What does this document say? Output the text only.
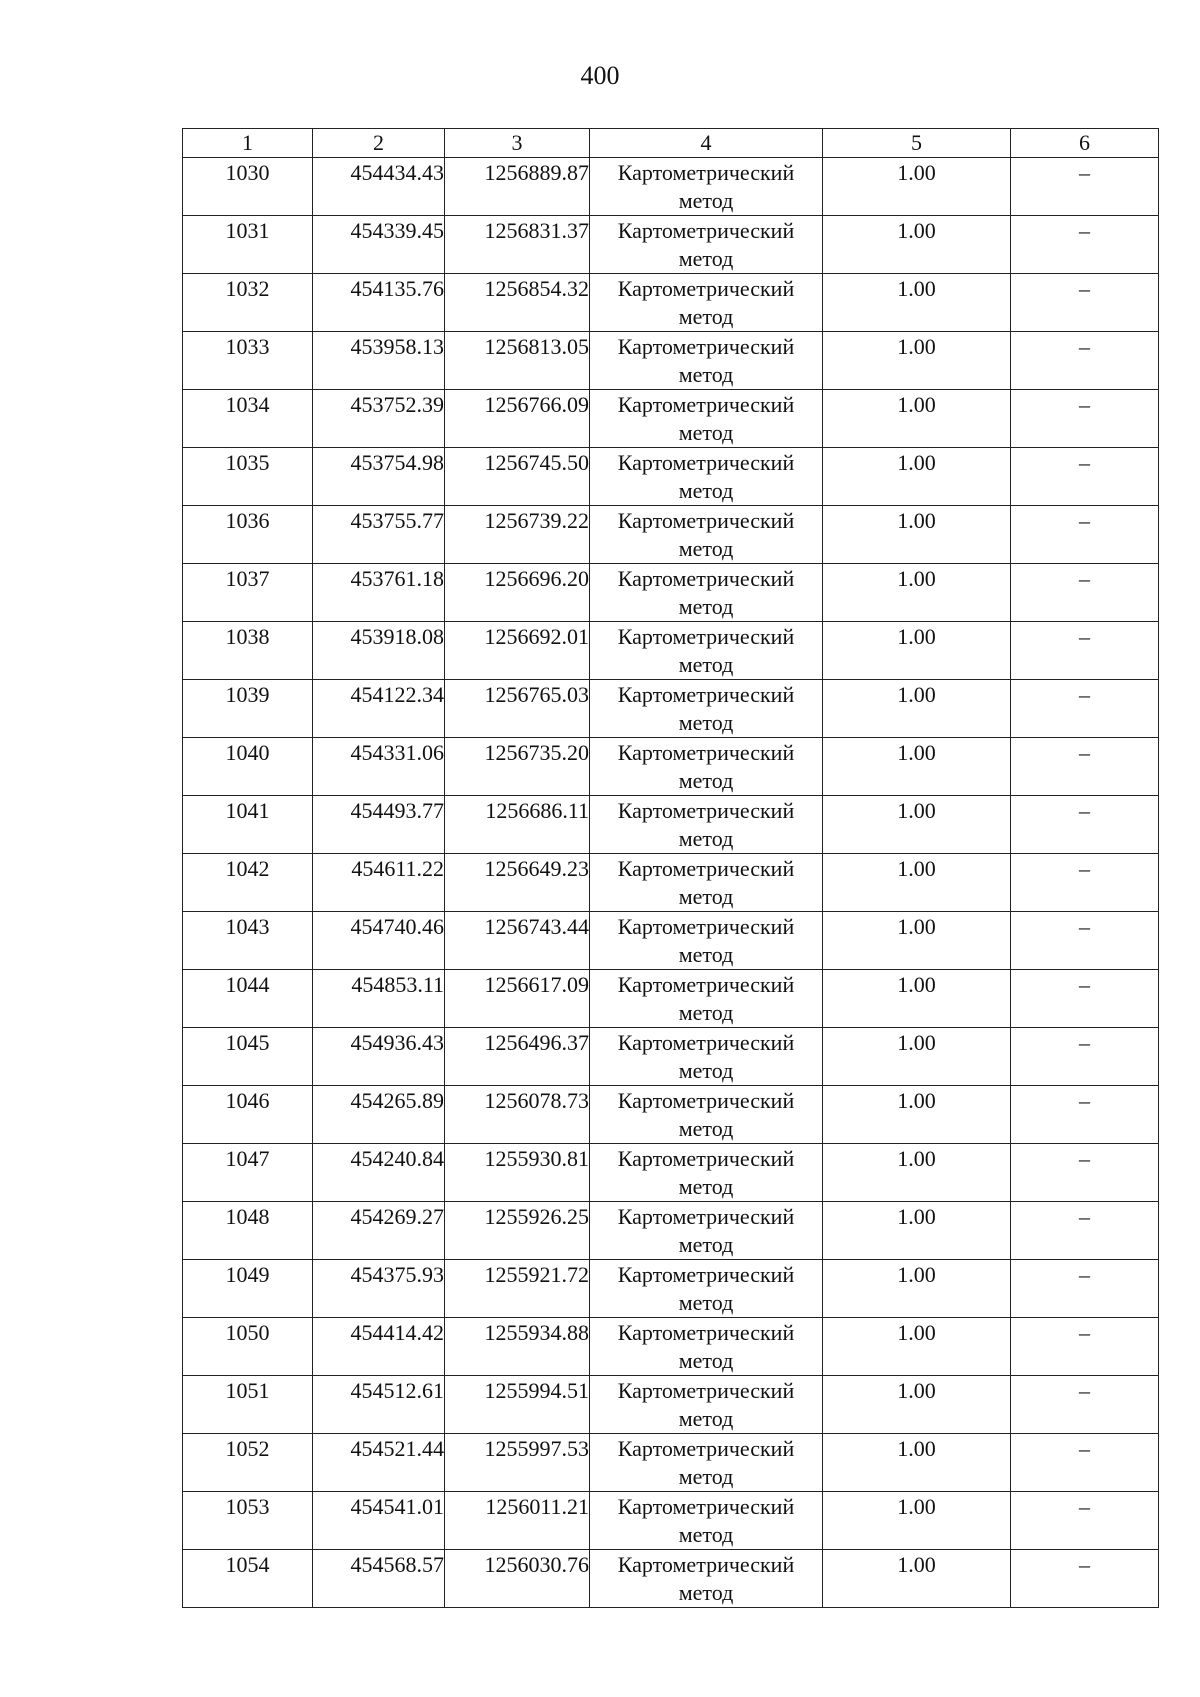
400
1	2	3	4	5	6
1030	454434.43	1256889.87	Картометрический
метод	1.00	–
1031	454339.45	1256831.37	Картометрический
метод	1.00	–
1032	454135.76	1256854.32	Картометрический
метод	1.00	–
1033	453958.13	1256813.05	Картометрический
метод	1.00	–
1034	453752.39	1256766.09	Картометрический
метод	1.00	–
1035	453754.98	1256745.50	Картометрический
метод	1.00	–
1036	453755.77	1256739.22	Картометрический
метод	1.00	–
1037	453761.18	1256696.20	Картометрический
метод	1.00	–
1038	453918.08	1256692.01	Картометрический
метод	1.00	–
1039	454122.34	1256765.03	Картометрический
метод	1.00	–
1040	454331.06	1256735.20	Картометрический
метод	1.00	–
1041	454493.77	1256686.11	Картометрический
метод	1.00	–
1042	454611.22	1256649.23	Картометрический
метод	1.00	–
1043	454740.46	1256743.44	Картометрический
метод	1.00	–
1044	454853.11	1256617.09	Картометрический
метод	1.00	–
1045	454936.43	1256496.37	Картометрический
метод	1.00	–
1046	454265.89	1256078.73	Картометрический
метод	1.00	–
1047	454240.84	1255930.81	Картометрический
метод	1.00	–
1048	454269.27	1255926.25	Картометрический
метод	1.00	–
1049	454375.93	1255921.72	Картометрический
метод	1.00	–
1050	454414.42	1255934.88	Картометрический
метод	1.00	–
1051	454512.61	1255994.51	Картометрический
метод	1.00	–
1052	454521.44	1255997.53	Картометрический
метод	1.00	–
1053	454541.01	1256011.21	Картометрический
метод	1.00	–
1054	454568.57	1256030.76	Картометрический
метод	1.00	–
